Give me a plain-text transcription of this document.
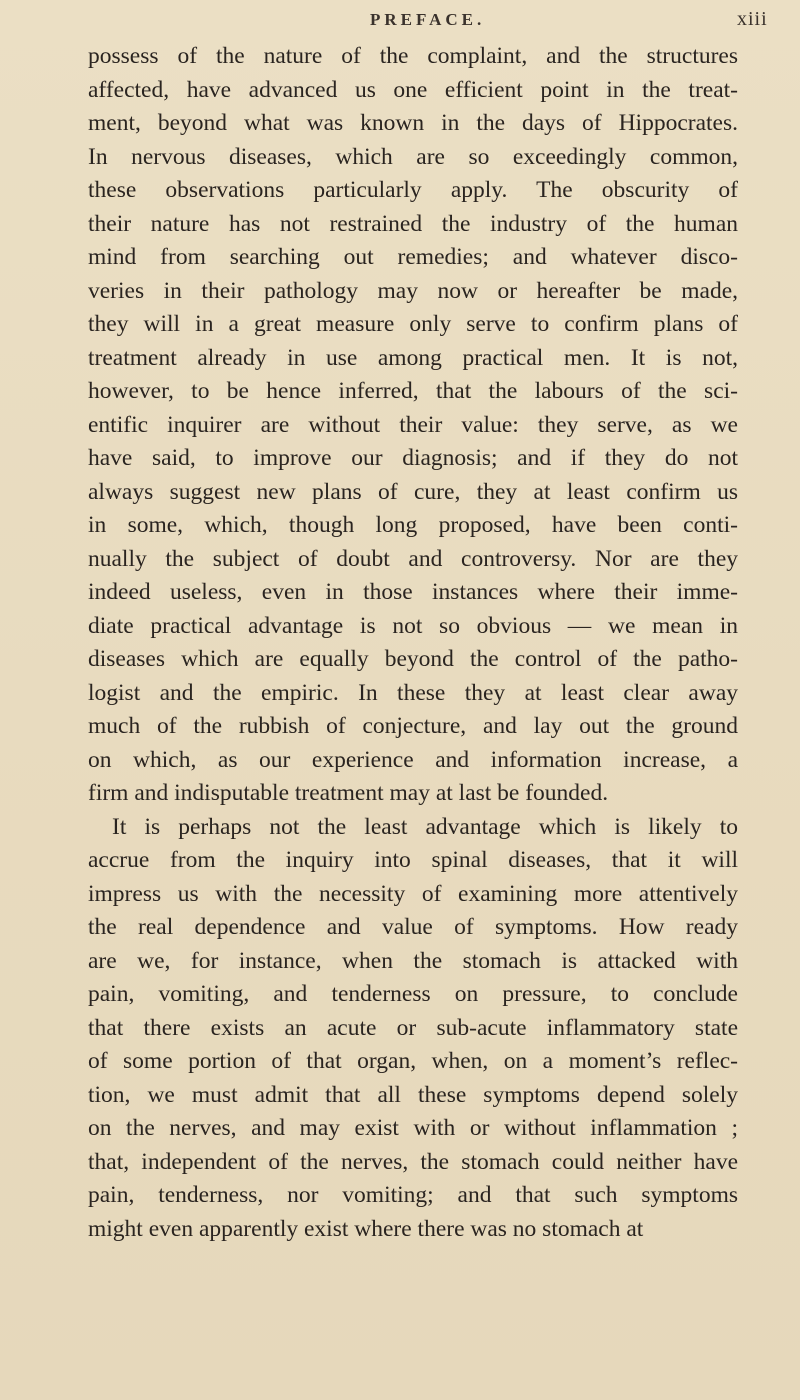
PREFACE.	xiii
possess of the nature of the complaint, and the structures
affected, have advanced us one efficient point in the treat-
ment, beyond what was known in the days of Hippocrates.
In nervous diseases, which are so exceedingly common,
these observations particularly apply. The obscurity of
their nature has not restrained the industry of the human
mind from searching out remedies; and whatever disco-
veries in their pathology may now or hereafter be made,
they will in a great measure only serve to confirm plans of
treatment already in use among practical men. It is not,
however, to be hence inferred, that the labours of the sci-
entific inquirer are without their value: they serve, as we
have said, to improve our diagnosis; and if they do not
always suggest new plans of cure, they at least confirm us
in some, which, though long proposed, have been conti-
nually the subject of doubt and controversy. Nor are they
indeed useless, even in those instances where their imme-
diate practical advantage is not so obvious — we mean in
diseases which are equally beyond the control of the patho-
logist and the empiric. In these they at least clear away
much of the rubbish of conjecture, and lay out the ground
on which, as our experience and information increase, a
firm and indisputable treatment may at last be founded.
It is perhaps not the least advantage which is likely to
accrue from the inquiry into spinal diseases, that it will
impress us with the necessity of examining more attentively
the real dependence and value of symptoms. How ready
are we, for instance, when the stomach is attacked with
pain, vomiting, and tenderness on pressure, to conclude
that there exists an acute or sub-acute inflammatory state
of some portion of that organ, when, on a moment’s reflec-
tion, we must admit that all these symptoms depend solely
on the nerves, and may exist with or without inflammation ;
that, independent of the nerves, the stomach could neither have
pain, tenderness, nor vomiting; and that such symptoms
might even apparently exist where there was no stomach at
